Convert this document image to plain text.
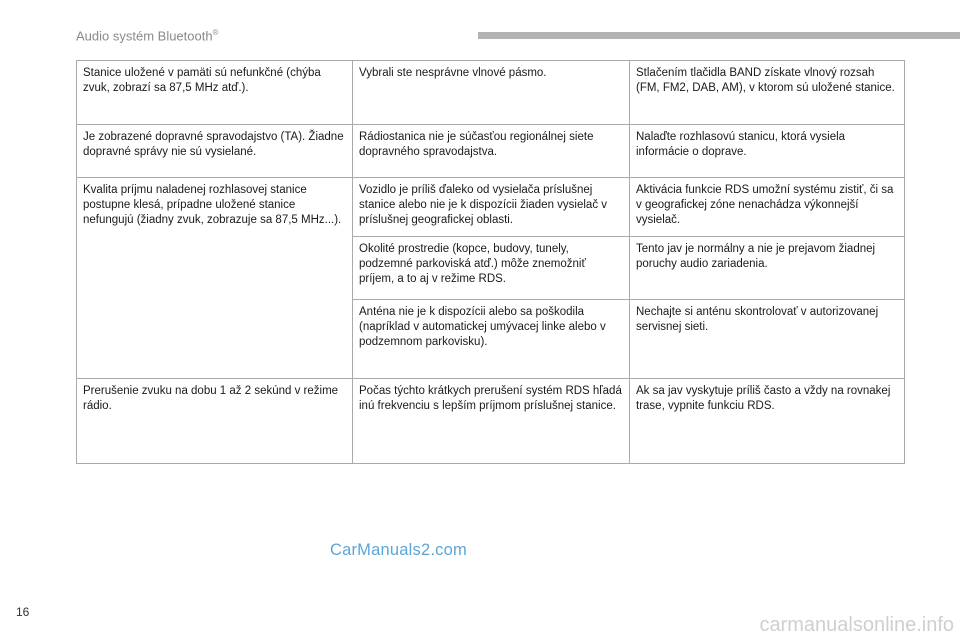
Audio systém Bluetooth®
Stanice uložené v pamäti sú nefunkčné (chýba zvuk, zobrazí sa 87,5 MHz atď.).	Vybrali ste nesprávne vlnové pásmo.	Stlačením tlačidla BAND získate vlnový rozsah (FM, FM2, DAB, AM), v ktorom sú uložené stanice.
Je zobrazené dopravné spravodajstvo (TA). Žiadne dopravné správy nie sú vysielané.	Rádiostanica nie je súčasťou regionálnej siete dopravného spravodajstva.	Nalaďte rozhlasovú stanicu, ktorá vysiela informácie o doprave.
Kvalita príjmu naladenej rozhlasovej stanice postupne klesá, prípadne uložené stanice nefungujú (žiadny zvuk, zobrazuje sa 87,5 MHz...).	Vozidlo je príliš ďaleko od vysielača príslušnej stanice alebo nie je k dispozícii žiaden vysielač v príslušnej geografickej oblasti.	Aktivácia funkcie RDS umožní systému zistiť, či sa v geografickej zóne nenachádza výkonnejší vysielač.
	Okolité prostredie (kopce, budovy, tunely, podzemné parkoviská atď.) môže znemožniť príjem, a to aj v režime RDS.	Tento jav je normálny a nie je prejavom žiadnej poruchy audio zariadenia.
	Anténa nie je k dispozícii alebo sa poškodila (napríklad v automatickej umývacej linke alebo v podzemnom parkovisku).	Nechajte si anténu skontrolovať v autorizovanej servisnej sieti.
Prerušenie zvuku na dobu 1 až 2 sekúnd v režime rádio.	Počas týchto krátkych prerušení systém RDS hľadá inú frekvenciu s lepším príjmom príslušnej stanice.	Ak sa jav vyskytuje príliš často a vždy na rovnakej trase, vypnite funkciu RDS.
CarManuals2.com
16
carmanualsonline.info
